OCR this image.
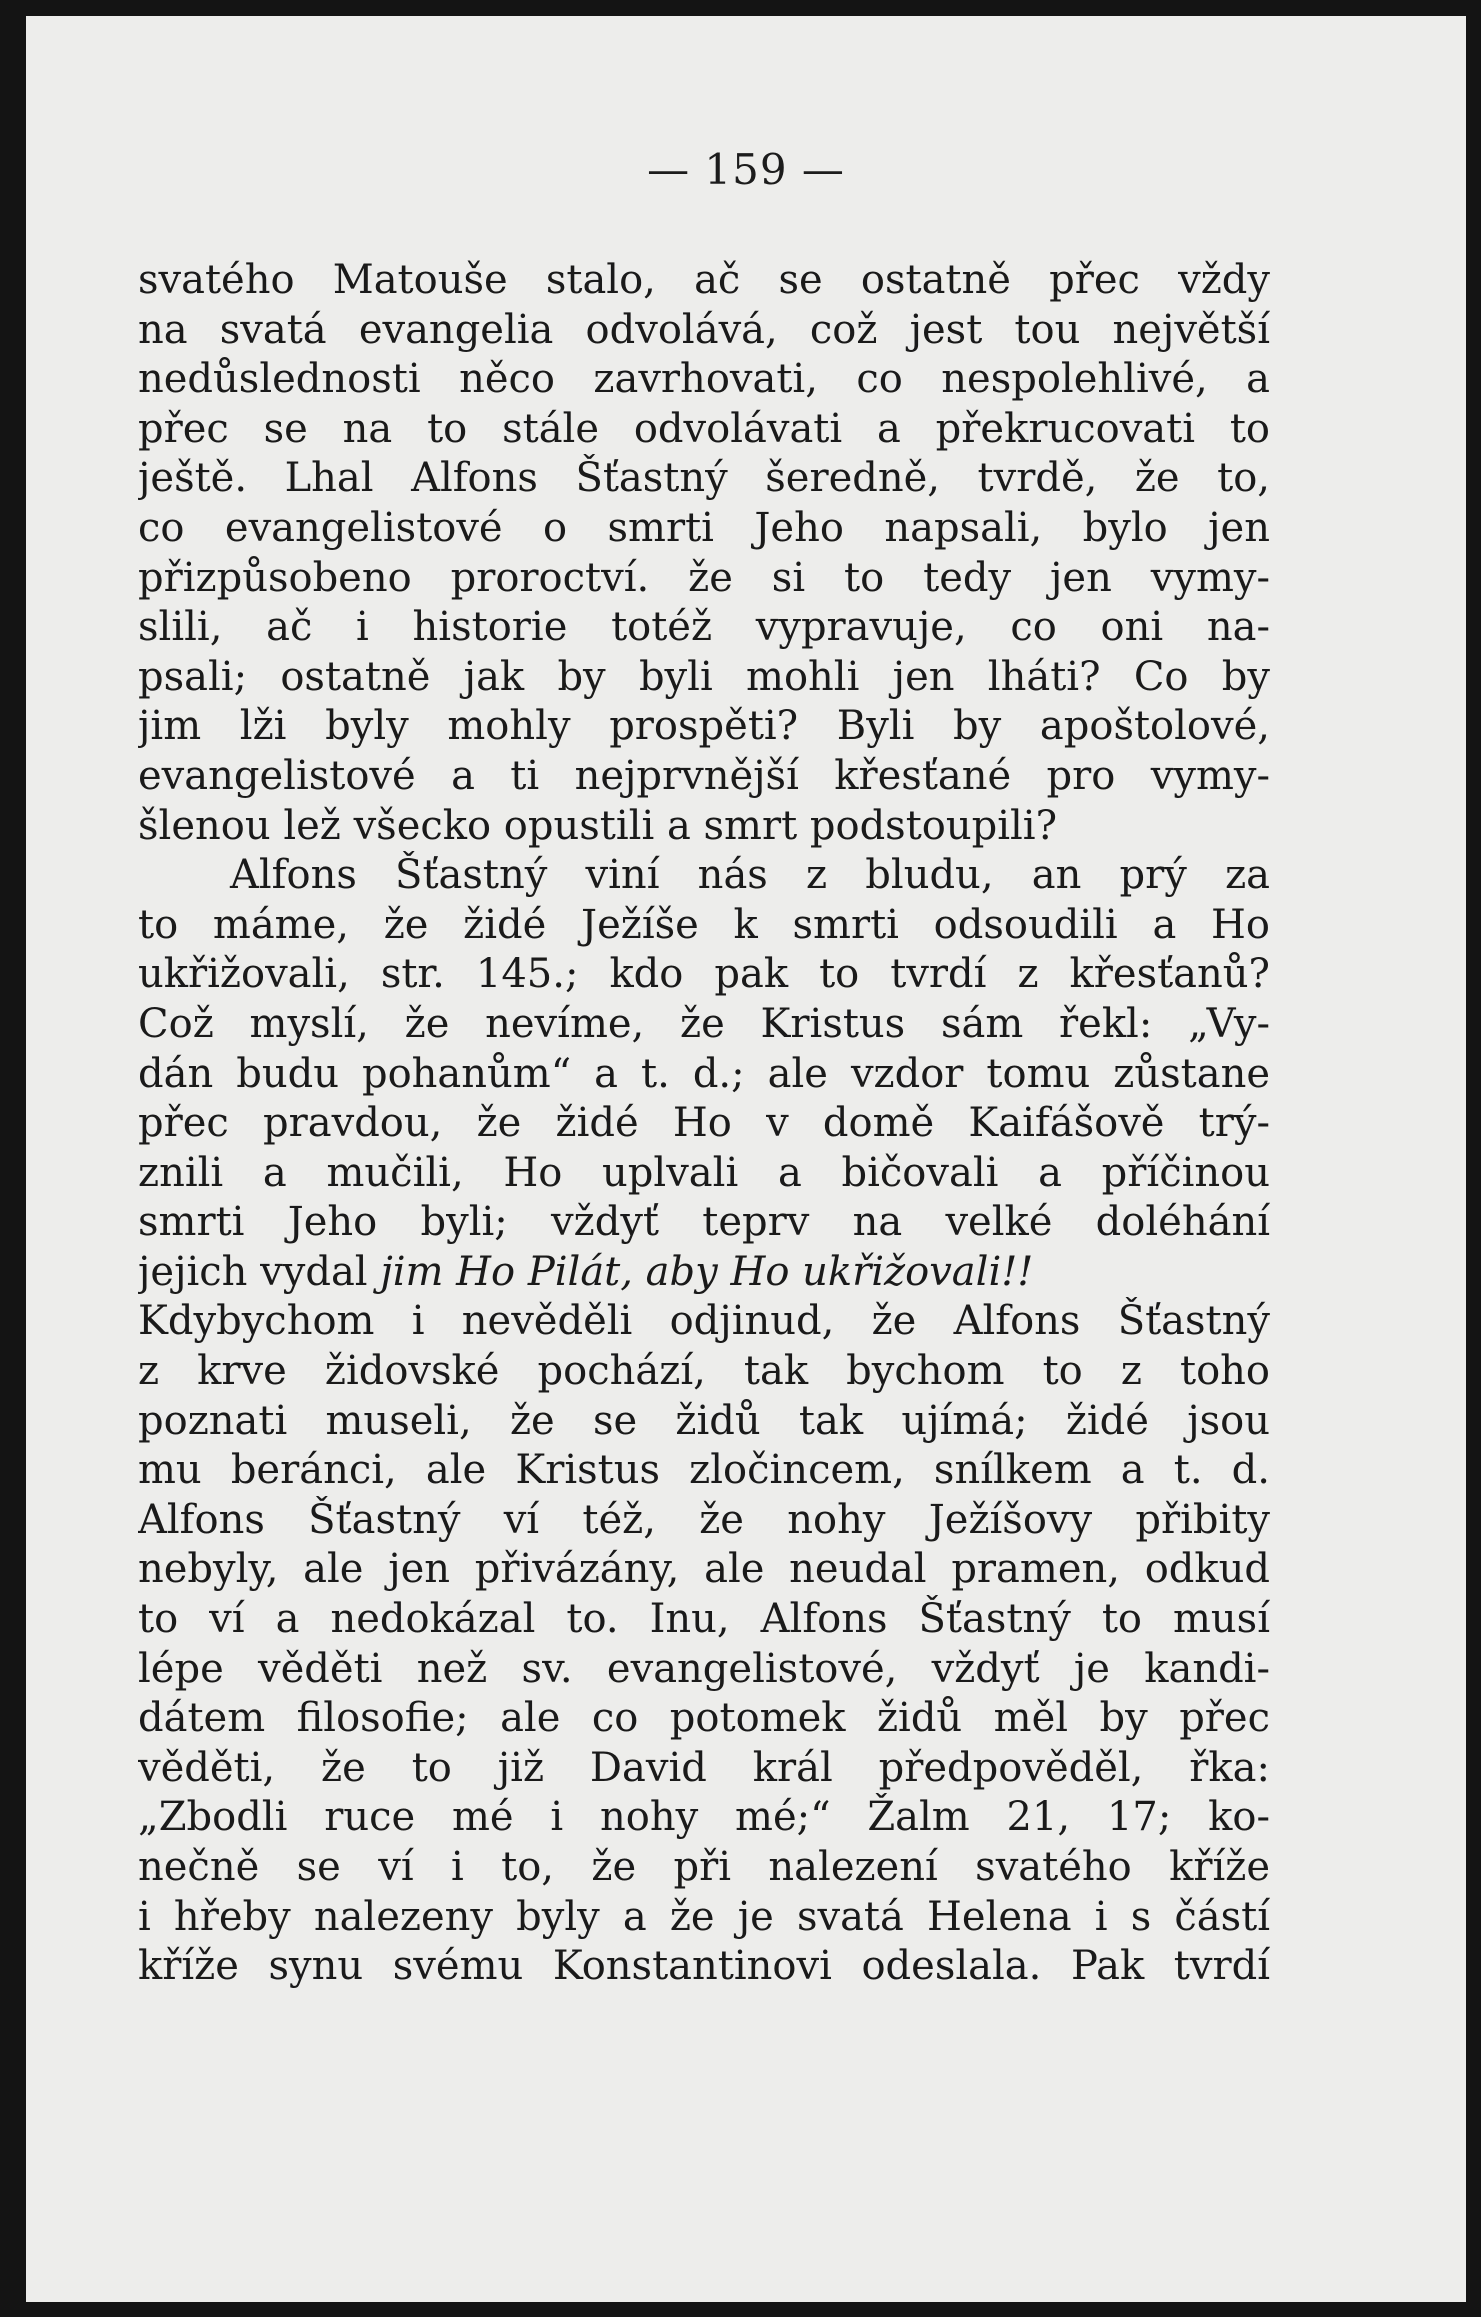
— 159 —
svatého Matouše stalo, ač se ostatně přec vždy
na svatá evangelia odvolává, což jest tou největší
nedůslednosti něco zavrhovati, co nespolehlivé, a
přec se na to stále odvolávati a překrucovati to
ještě. Lhal Alfons Šťastný šeredně, tvrdě, že to,
co evangelistové o smrti Jeho napsali, bylo jen
přizpůsobeno proroctví. že si to tedy jen vymy-
slili, ač i historie totéž vypravuje, co oni na-
psali; ostatně jak by byli mohli jen lháti? Co by
jim lži byly mohly prospěti? Byli by apoštolové,
evangelistové a ti nejprvnější křesťané pro vymy-
šlenou lež všecko opustili a smrt podstoupili?
Alfons Šťastný viní nás z bludu, an prý za
to máme, že židé Ježíše k smrti odsoudili a Ho
ukřižovali, str. 145.; kdo pak to tvrdí z křesťanů?
Což myslí, že nevíme, že Kristus sám řekl: „Vy-
dán budu pohanům“ a t. d.; ale vzdor tomu zůstane
přec pravdou, že židé Ho v domě Kaifášově trý-
znili a mučili, Ho uplvali a bičovali a příčinou
smrti Jeho byli; vždyť teprv na velké doléhání
jejich vydal jim Ho Pilát, aby Ho ukřižovali!!
Kdybychom i nevěděli odjinud, že Alfons Šťastný
z krve židovské pochází, tak bychom to z toho
poznati museli, že se židů tak ujímá; židé jsou
mu beránci, ale Kristus zločincem, snílkem a t. d.
Alfons Šťastný ví též, že nohy Ježíšovy přibity
nebyly, ale jen přivázány, ale neudal pramen, odkud
to ví a nedokázal to. Inu, Alfons Šťastný to musí
lépe věděti než sv. evangelistové, vždyť je kandi-
dátem filosofie; ale co potomek židů měl by přec
věděti, že to již David král předpověděl, řka:
„Zbodli ruce mé i nohy mé;“ Žalm 21, 17; ko-
nečně se ví i to, že při nalezení svatého kříže
i hřeby nalezeny byly a že je svatá Helena i s částí
kříže synu svému Konstantinovi odeslala. Pak tvrdí
